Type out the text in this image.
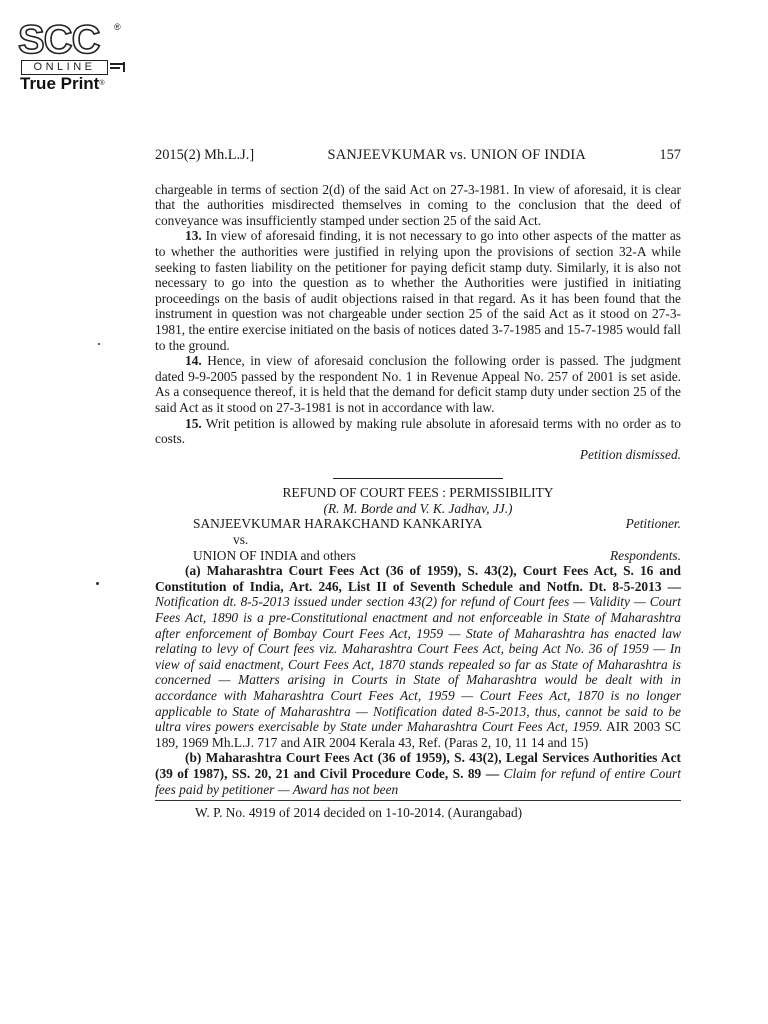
SCC ®
ONLINE
True Print®
2015(2) Mh.L.J.]	SANJEEVKUMAR vs. UNION OF INDIA	157

chargeable in terms of section 2(d) of the said Act on 27-3-1981. In view of aforesaid, it is clear that the authorities misdirected themselves in coming to the conclusion that the deed of conveyance was insufficiently stamped under section 25 of the said Act.

13. In view of aforesaid finding, it is not necessary to go into other aspects of the matter as to whether the authorities were justified in relying upon the provisions of section 32-A while seeking to fasten liability on the petitioner for paying deficit stamp duty. Similarly, it is also not necessary to go into the question as to whether the Authorities were justified in initiating proceedings on the basis of audit objections raised in that regard. As it has been found that the instrument in question was not chargeable under section 25 of the said Act as it stood on 27-3-1981, the entire exercise initiated on the basis of notices dated 3-7-1985 and 15-7-1985 would fall to the ground.

14. Hence, in view of aforesaid conclusion the following order is passed. The judgment dated 9-9-2005 passed by the respondent No. 1 in Revenue Appeal No. 257 of 2001 is set aside. As a consequence thereof, it is held that the demand for deficit stamp duty under section 25 of the said Act as it stood on 27-3-1981 is not in accordance with law.

15. Writ petition is allowed by making rule absolute in aforesaid terms with no order as to costs.

Petition dismissed.

REFUND OF COURT FEES : PERMISSIBILITY

(R. M. Borde and V. K. Jadhav, JJ.)

SANJEEVKUMAR HARAKCHAND KANKARIYA	Petitioner.

vs.

UNION OF INDIA and others	Respondents.

(a) Maharashtra Court Fees Act (36 of 1959), S. 43(2), Court Fees Act, S. 16 and Constitution of India, Art. 246, List II of Seventh Schedule and Notfn. Dt. 8-5-2013 — Notification dt. 8-5-2013 issued under section 43(2) for refund of Court fees — Validity — Court Fees Act, 1890 is a pre-Constitutional enactment and not enforceable in State of Maharashtra after enforcement of Bombay Court Fees Act, 1959 — State of Maharashtra has enacted law relating to levy of Court fees viz. Maharashtra Court Fees Act, being Act No. 36 of 1959 — In view of said enactment, Court Fees Act, 1870 stands repealed so far as State of Maharashtra is concerned — Matters arising in Courts in State of Maharashtra would be dealt with in accordance with Maharashtra Court Fees Act, 1959 — Court Fees Act, 1870 is no longer applicable to State of Maharashtra — Notification dated 8-5-2013, thus, cannot be said to be ultra vires powers exercisable by State under Maharashtra Court Fees Act, 1959. AIR 2003 SC 189, 1969 Mh.L.J. 717 and AIR 2004 Kerala 43, Ref. (Paras 2, 10, 11 14 and 15)

(b) Maharashtra Court Fees Act (36 of 1959), S. 43(2), Legal Services Authorities Act (39 of 1987), SS. 20, 21 and Civil Procedure Code, S. 89 — Claim for refund of entire Court fees paid by petitioner — Award has not been

W. P. No. 4919 of 2014 decided on 1-10-2014. (Aurangabad)
